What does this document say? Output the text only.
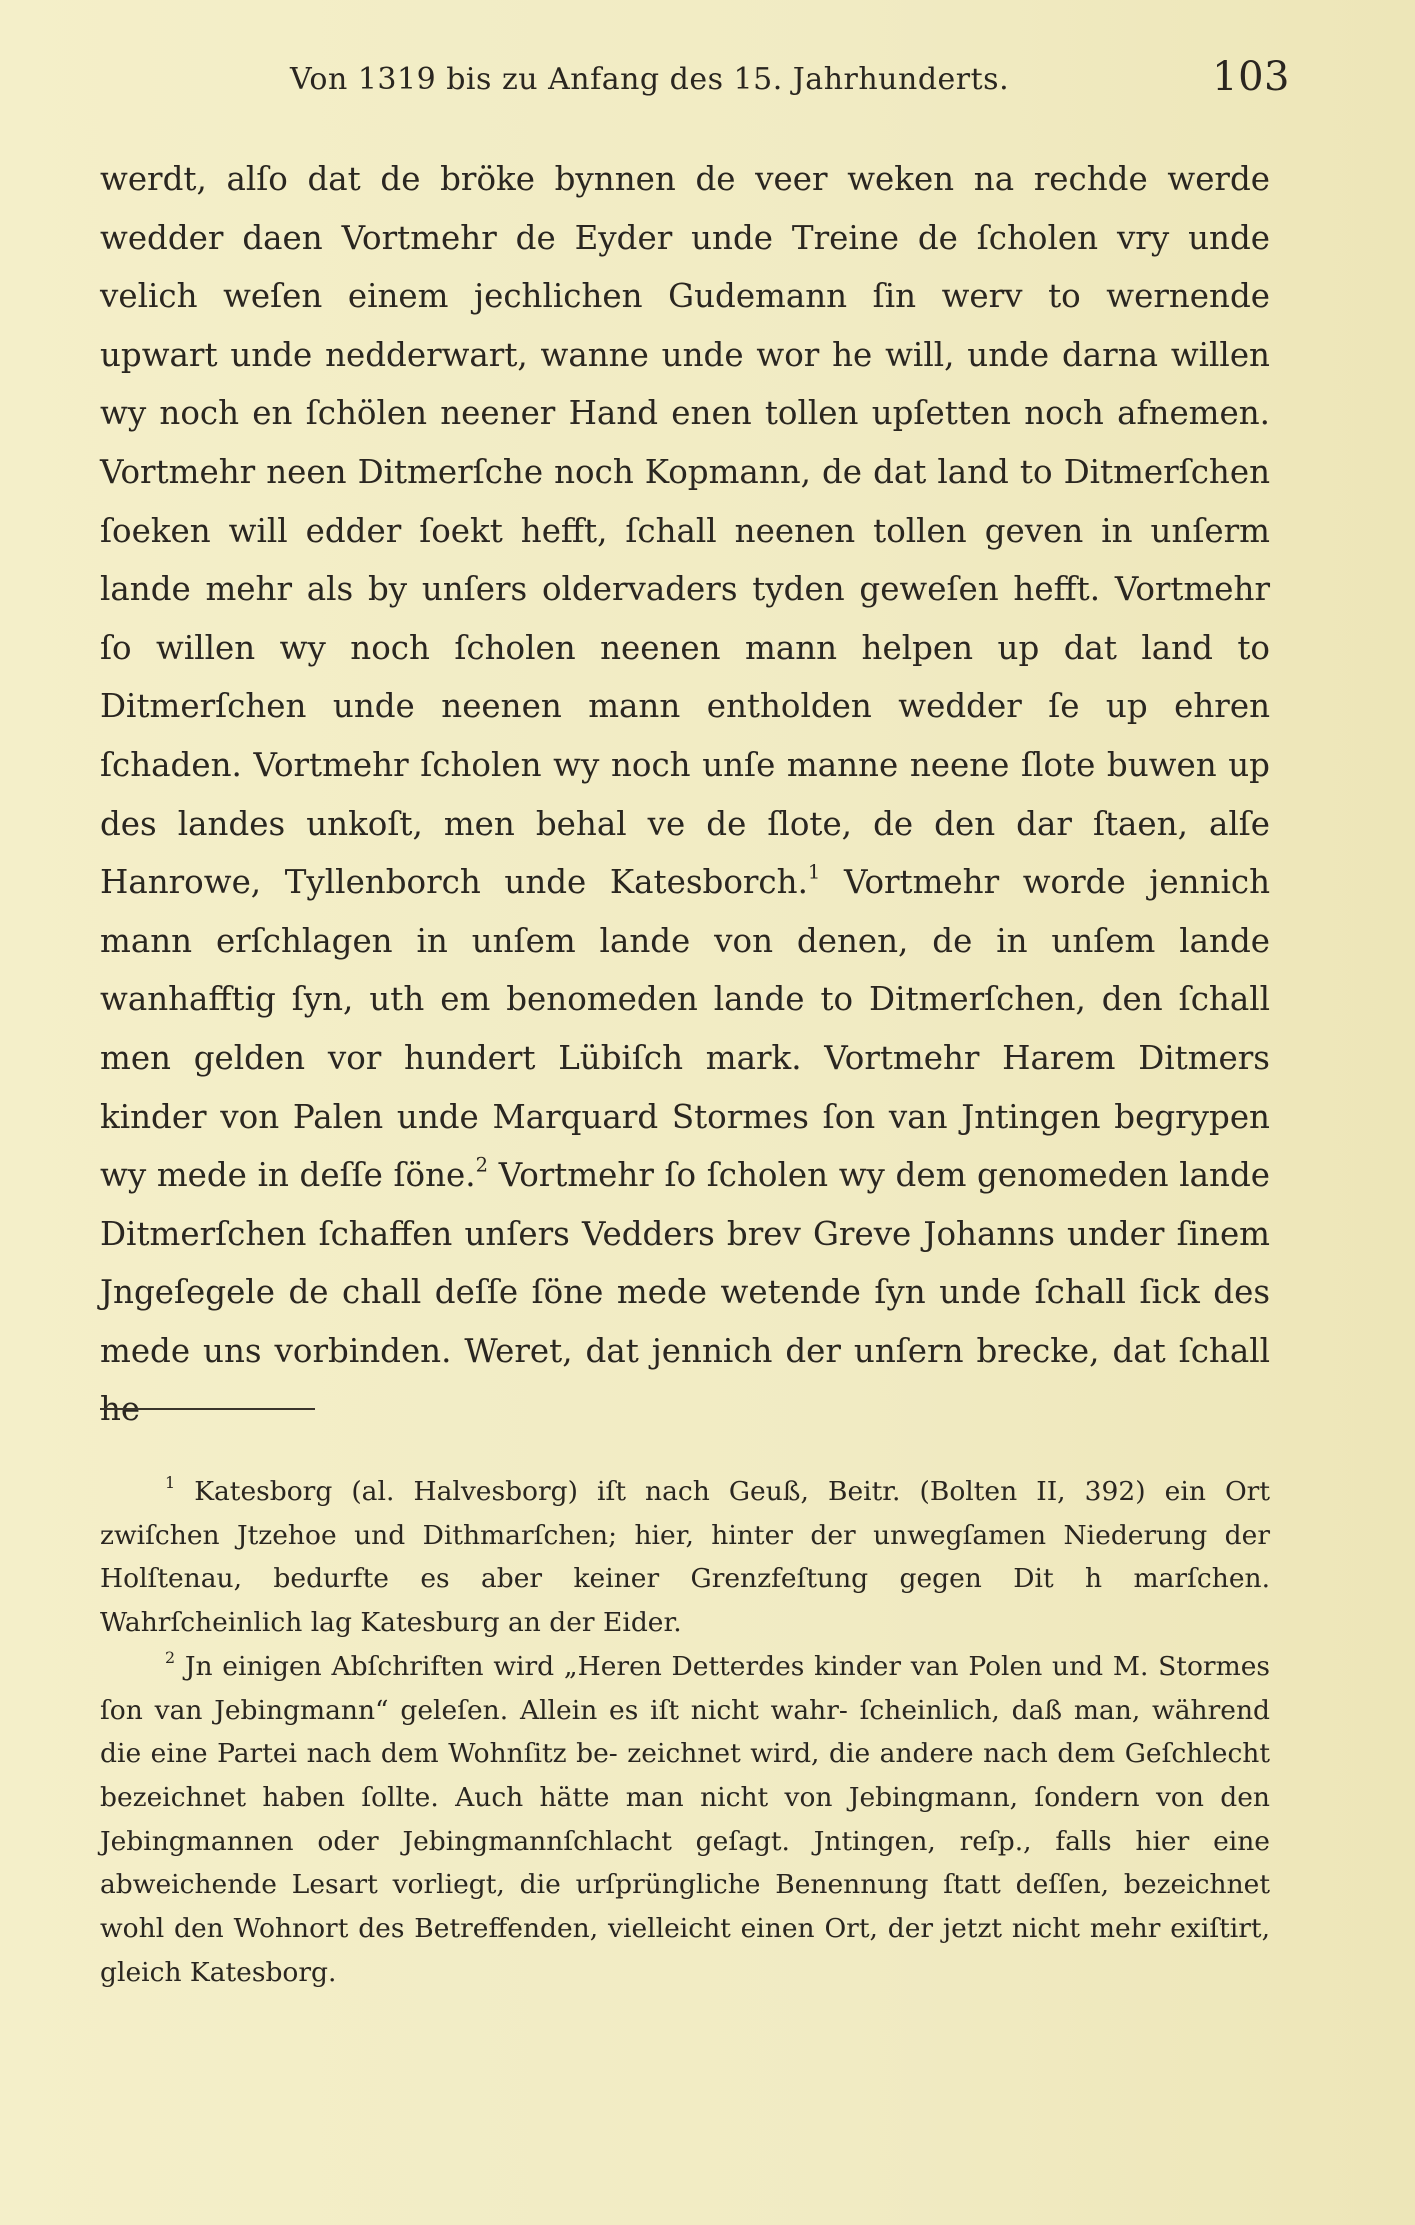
Von 1319 bis zu Anfang des 15. Jahrhunderts.	103

werdt, alſo dat de bröke bynnen de veer weken na rechde werde wedder daen Vortmehr de Eyder unde Treine de ſcholen vry unde velich weſen einem jechlichen Gudemann ſin werv to wernende upwart unde nedderwart, wanne unde wor he will, unde darna willen wy noch en ſchölen neener Hand enen tollen upſetten noch afnemen. Vortmehr neen Ditmerſche noch Kopmann, de dat land to Ditmerſchen ſoeken will edder ſoekt hefft, ſchall neenen tollen geven in unſerm lande mehr als by unſers oldervaders tyden geweſen hefft. Vortmehr ſo willen wy noch ſcholen neenen mann helpen up dat land to Ditmerſchen unde neenen mann entholden wedder ſe up ehren ſchaden. Vortmehr ſcholen wy noch unſe manne neene ſlote buwen up des landes unkoſt, men behal ve de ſlote, de den dar ſtaen, alſe Hanrowe, Tyllenborch unde Katesborch.$^1$ Vortmehr worde jennich mann erſchlagen in unſem lande von denen, de in unſem lande wanhafftig ſyn, uth em benomeden lande to Ditmerſchen, den ſchall men gelden vor hundert Lübiſch mark. Vortmehr Harem Ditmers kinder von Palen unde Marquard Stormes ſon van Jntingen begrypen wy mede in deſſe ſöne.$^2$ Vortmehr ſo ſcholen wy dem genomeden lande Ditmerſchen ſchaffen unſers Vedders brev Greve Johanns under ſinem Jngeſegele de chall deſſe ſöne mede wetende ſyn unde ſchall ſick des mede uns vorbinden. Weret, dat jennich der unſern brecke, dat ſchall he

$^1$ Katesborg (al. Halvesborg) iſt nach Geuß, Beitr. (Bolten II, 392) ein Ort zwiſchen Jtzehoe und Dithmarſchen; hier, hinter der unwegſamen Niederung der Holſtenau, bedurfte es aber keiner Grenzfeſtung gegen Dit h marſchen. Wahrſcheinlich lag Katesburg an der Eider.

$^2$ Jn einigen Abſchriften wird „Heren Detterdes kinder van Polen und M. Stormes ſon van Jebingmann“ geleſen. Allein es iſt nicht wahr- ſcheinlich, daß man, während die eine Partei nach dem Wohnſitz be- zeichnet wird, die andere nach dem Geſchlecht bezeichnet haben ſollte. Auch hätte man nicht von Jebingmann, ſondern von den Jebingmannen oder Jebingmannſchlacht geſagt. Jntingen, reſp., falls hier eine abweichende Lesart vorliegt, die urſprüngliche Benennung ſtatt deſſen, bezeichnet wohl den Wohnort des Betreffenden, vielleicht einen Ort, der jetzt nicht mehr exiſtirt, gleich Katesborg.
